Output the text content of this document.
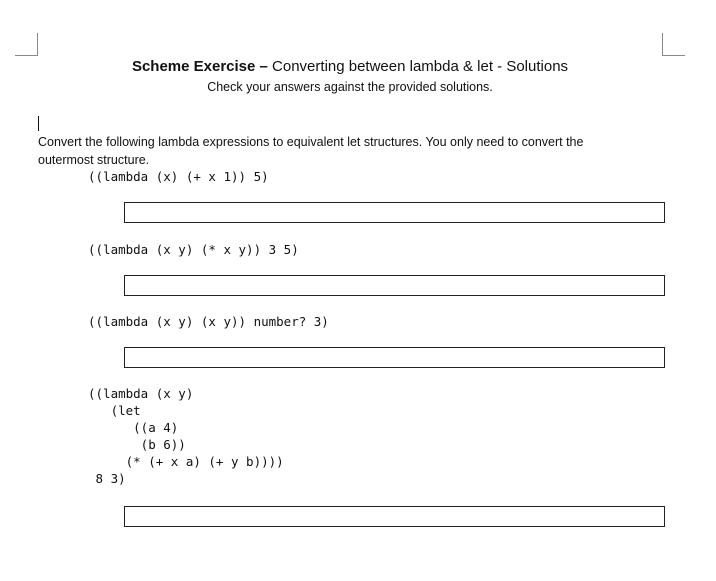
Scheme Exercise – Converting between lambda & let - Solutions
Check your answers against the provided solutions.
Convert the following lambda expressions to equivalent let structures. You only need to convert the
outermost structure.
((lambda (x) (+ x 1)) 5)
((lambda (x y) (* x y)) 3 5)
((lambda (x y) (x y)) number? 3)
((lambda (x y)
(let
((a 4)
(b 6))
(* (+ x a) (+ y b))))
8 3)
